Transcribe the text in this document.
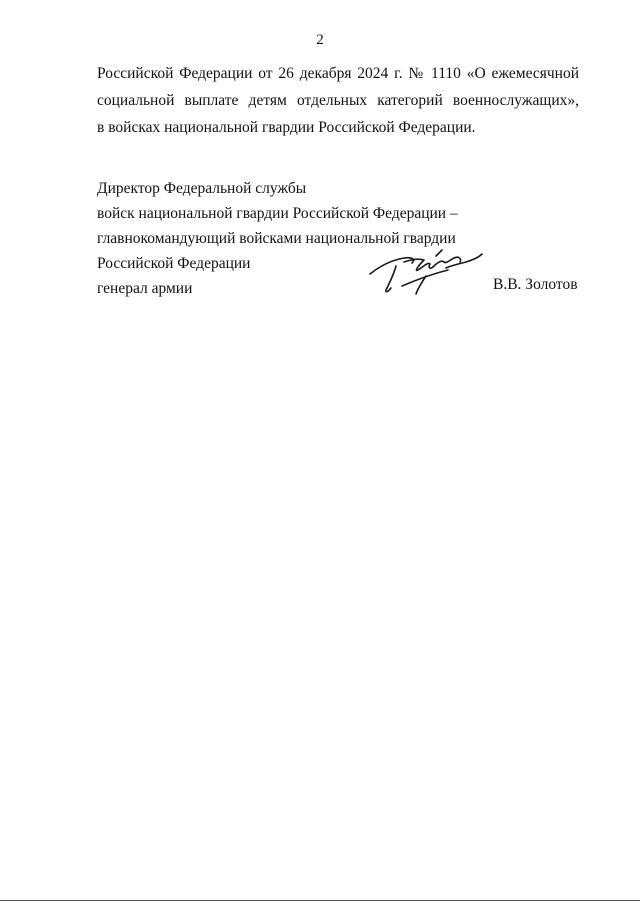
2
Российской Федерации от 26 декабря 2024 г. № 1110 «О ежемесячной
социальной выплате детям отдельных категорий военнослужащих»,
в войсках национальной гвардии Российской Федерации.
Директор Федеральной службы
войск национальной гвардии Российской Федерации –
главнокомандующий войсками национальной гвардии
Российской Федерации
генерал армии	В.В. Золотов
